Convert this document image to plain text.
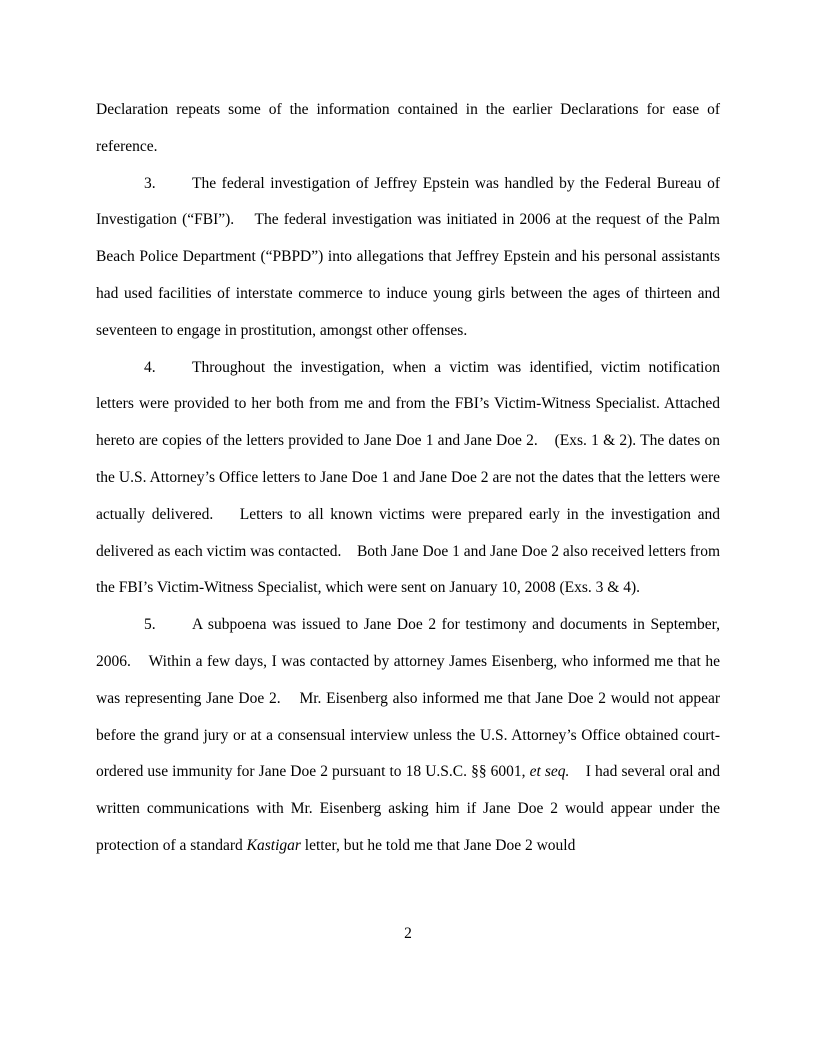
Declaration repeats some of the information contained in the earlier Declarations for ease of reference.

3. The federal investigation of Jeffrey Epstein was handled by the Federal Bureau of Investigation (“FBI”).    The federal investigation was initiated in 2006 at the request of the Palm Beach Police Department (“PBPD”) into allegations that Jeffrey Epstein and his personal assistants had used facilities of interstate commerce to induce young girls between the ages of thirteen and seventeen to engage in prostitution, amongst other offenses.

4. Throughout the investigation, when a victim was identified, victim notification letters were provided to her both from me and from the FBI’s Victim-Witness Specialist. Attached hereto are copies of the letters provided to Jane Doe 1 and Jane Doe 2.    (Exs. 1 & 2). The dates on the U.S. Attorney’s Office letters to Jane Doe 1 and Jane Doe 2 are not the dates that the letters were actually delivered.    Letters to all known victims were prepared early in the investigation and delivered as each victim was contacted.    Both Jane Doe 1 and Jane Doe 2 also received letters from the FBI’s Victim-Witness Specialist, which were sent on January 10, 2008 (Exs. 3 & 4).

5. A subpoena was issued to Jane Doe 2 for testimony and documents in September, 2006.    Within a few days, I was contacted by attorney James Eisenberg, who informed me that he was representing Jane Doe 2.    Mr. Eisenberg also informed me that Jane Doe 2 would not appear before the grand jury or at a consensual interview unless the U.S. Attorney’s Office obtained court-ordered use immunity for Jane Doe 2 pursuant to 18 U.S.C. §§ 6001, et seq.    I had several oral and written communications with Mr. Eisenberg asking him if Jane Doe 2 would appear under the protection of a standard Kastigar letter, but he told me that Jane Doe 2 would

2
